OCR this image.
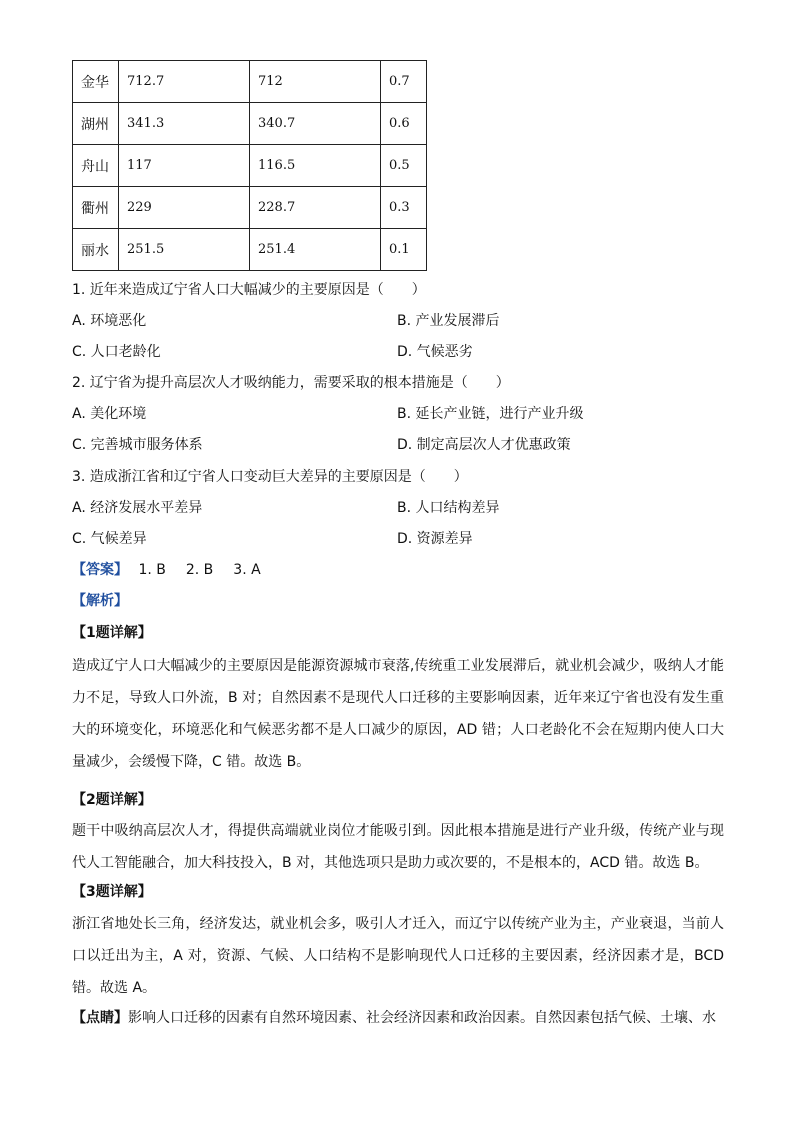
金华	712.7	712	0.7
湖州	341.3	340.7	0.6
舟山	117	116.5	0.5
衢州	229	228.7	0.3
丽水	251.5	251.4	0.1
1. 近年来造成辽宁省人口大幅减少的主要原因是（　　）
A. 环境恶化	B. 产业发展滞后
C. 人口老龄化	D. 气候恶劣
2. 辽宁省为提升高层次人才吸纳能力，需要采取的根本措施是（　　）
A. 美化环境	B. 延长产业链，进行产业升级
C. 完善城市服务体系	D. 制定高层次人才优惠政策
3. 造成浙江省和辽宁省人口变动巨大差异的主要原因是（　　）
A. 经济发展水平差异	B. 人口结构差异
C. 气候差异	D. 资源差异
【答案】 1. B 2. B 3. A
【解析】
【1题详解】
造成辽宁人口大幅减少的主要原因是能源资源城市衰落,传统重工业发展滞后，就业机会减少，吸纳人才能力不足，导致人口外流，B 对；自然因素不是现代人口迁移的主要影响因素，近年来辽宁省也没有发生重大的环境变化，环境恶化和气候恶劣都不是人口减少的原因，AD 错；人口老龄化不会在短期内使人口大量减少，会缓慢下降，C 错。故选 B。
【2题详解】
题干中吸纳高层次人才，得提供高端就业岗位才能吸引到。因此根本措施是进行产业升级，传统产业与现代人工智能融合，加大科技投入，B 对，其他选项只是助力或次要的，不是根本的，ACD 错。故选 B。
【3题详解】
浙江省地处长三角，经济发达，就业机会多，吸引人才迁入，而辽宁以传统产业为主，产业衰退，当前人口以迁出为主，A 对，资源、气候、人口结构不是影响现代人口迁移的主要因素，经济因素才是，BCD 错。故选 A。
【点睛】影响人口迁移的因素有自然环境因素、社会经济因素和政治因素。自然因素包括气候、土壤、水
